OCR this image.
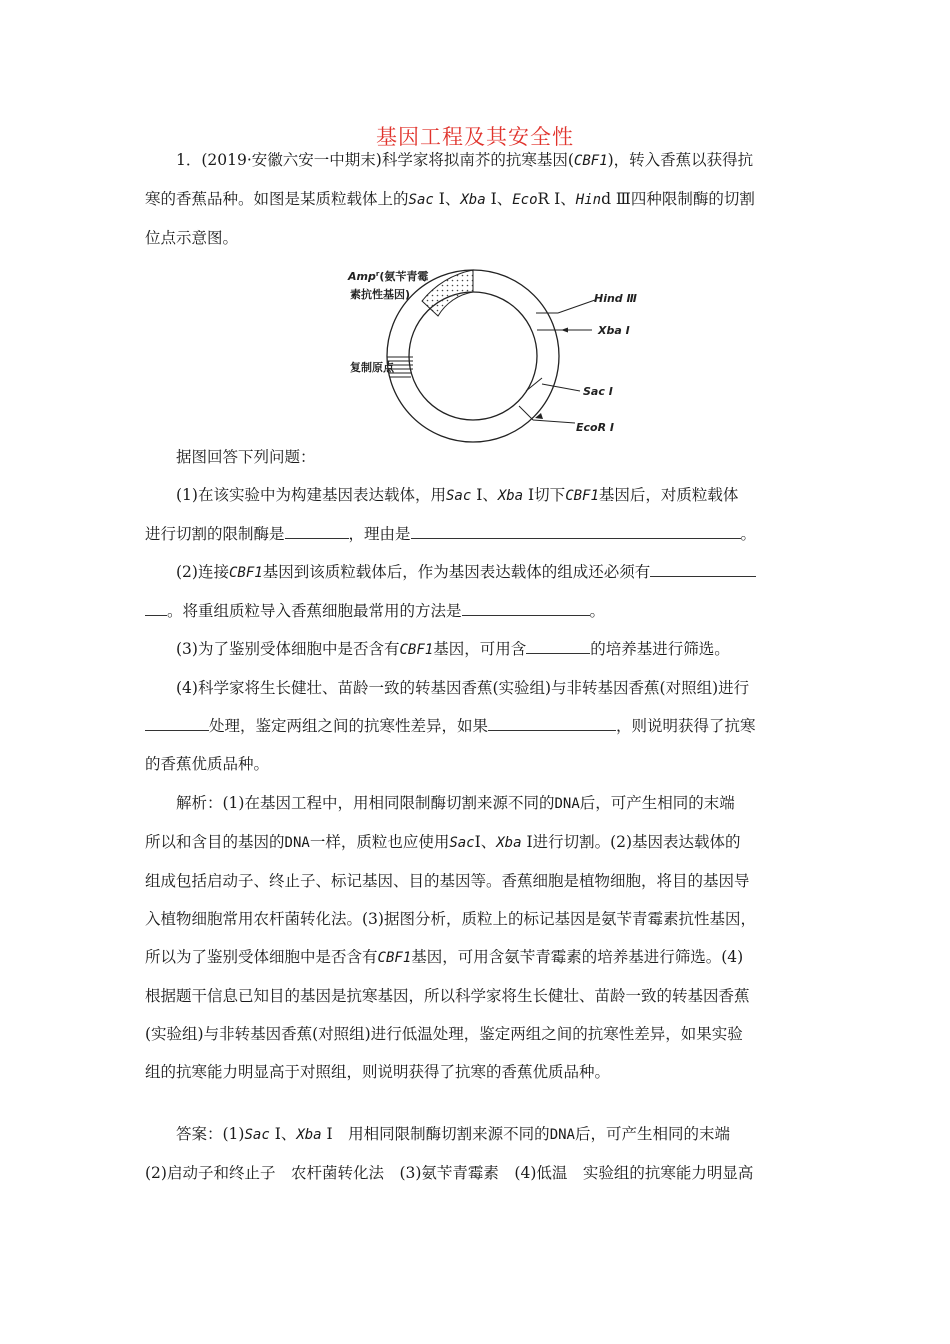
基因工程及其安全性
1．(2019·安徽六安一中期末)科学家将拟南芥的抗寒基因(CBF1)，转入香蕉以获得抗
寒的香蕉品种。如图是某质粒载体上的Sac Ⅰ、Xba Ⅰ、EcoR Ⅰ、Hind Ⅲ四种限制酶的切割
位点示意图。
Amp$^r$(氨苄青霉
素抗性基因)
复制原点
Hind Ⅲ
Xba Ⅰ
Sac Ⅰ
EcoR Ⅰ
据图回答下列问题：
(1)在该实验中为构建基因表达载体，用Sac Ⅰ、Xba Ⅰ切下CBF1基因后，对质粒载体
进行切割的限制酶是	，理由是	。
(2)连接CBF1基因到该质粒载体后，作为基因表达载体的组成还必须有
。将重组质粒导入香蕉细胞最常用的方法是	。
(3)为了鉴别受体细胞中是否含有CBF1基因，可用含	的培养基进行筛选。
(4)科学家将生长健壮、苗龄一致的转基因香蕉(实验组)与非转基因香蕉(对照组)进行
处理，鉴定两组之间的抗寒性差异，如果	，则说明获得了抗寒
的香蕉优质品种。
解析：(1)在基因工程中，用相同限制酶切割来源不同的DNA后，可产生相同的末端
所以和含目的基因的DNA一样，质粒也应使用SacⅠ、Xba Ⅰ进行切割。(2)基因表达载体的
组成包括启动子、终止子、标记基因、目的基因等。香蕉细胞是植物细胞，将目的基因导
入植物细胞常用农杆菌转化法。(3)据图分析，质粒上的标记基因是氨苄青霉素抗性基因，
所以为了鉴别受体细胞中是否含有CBF1基因，可用含氨苄青霉素的培养基进行筛选。(4)
根据题干信息已知目的基因是抗寒基因，所以科学家将生长健壮、苗龄一致的转基因香蕉
(实验组)与非转基因香蕉(对照组)进行低温处理，鉴定两组之间的抗寒性差异，如果实验
组的抗寒能力明显高于对照组，则说明获得了抗寒的香蕉优质品种。
答案：(1)Sac Ⅰ、Xba Ⅰ　用相同限制酶切割来源不同的DNA后，可产生相同的末端
(2)启动子和终止子　农杆菌转化法　(3)氨苄青霉素　(4)低温　实验组的抗寒能力明显高
